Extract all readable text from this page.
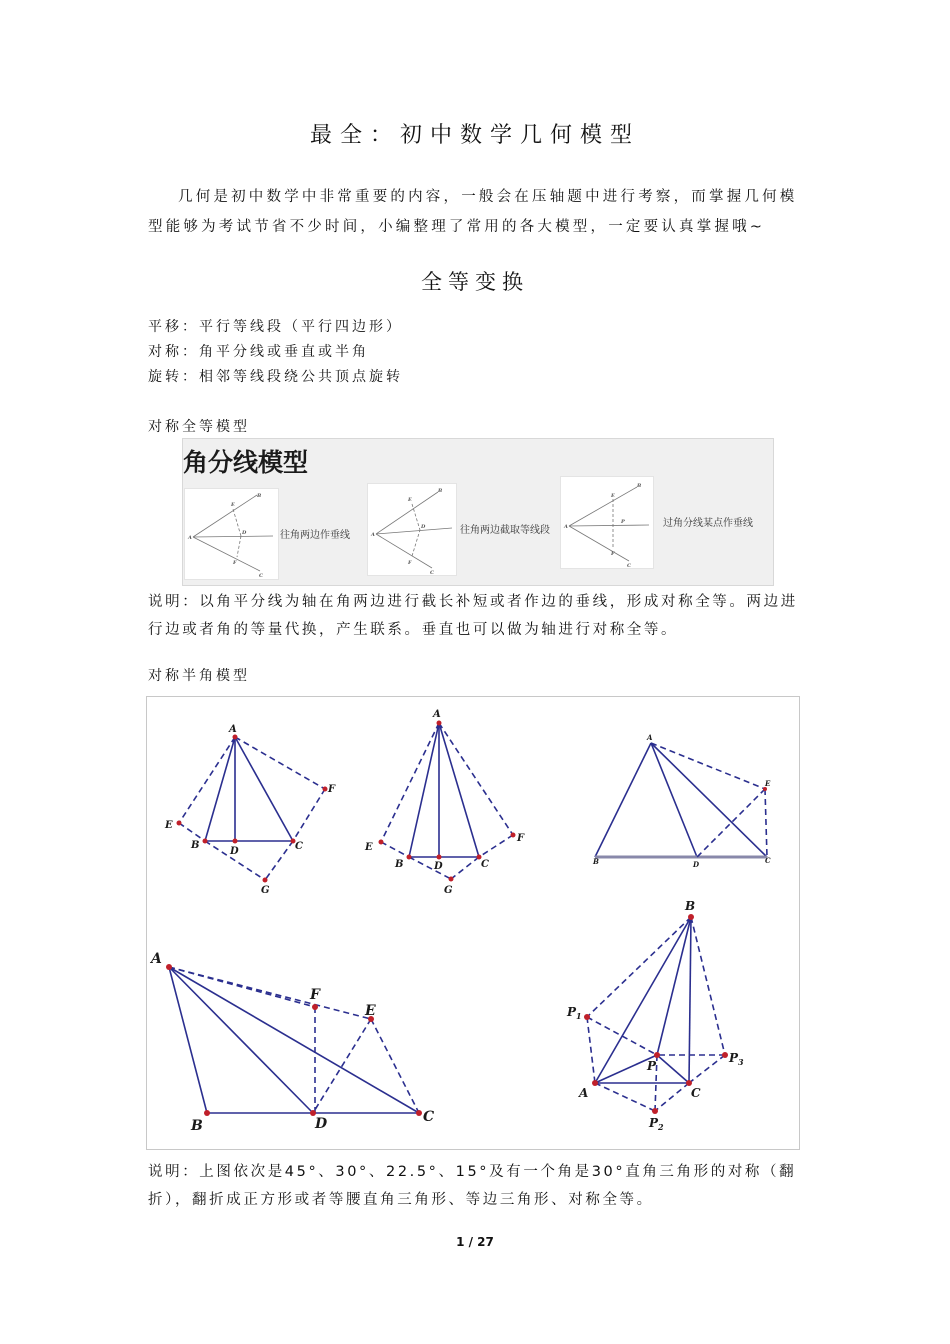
最全：初中数学几何模型
几何是初中数学中非常重要的内容，一般会在压轴题中进行考察，而掌握几何模型能够为考试节省不少时间，小编整理了常用的各大模型，一定要认真掌握哦~
全等变换
平移：平行等线段（平行四边形）
对称：角平分线或垂直或半角
旋转：相邻等线段绕公共顶点旋转
对称全等模型
角分线模型
A
B
C
E
D
F
往角两边作垂线	A
B
C
E
D
F
往角两边截取等线段	A
B
C
E
P
F
过角分线某点作垂线
说明：以角平分线为轴在角两边进行截长补短或者作边的垂线，形成对称全等。两边进行边或者角的等量代换，产生联系。垂直也可以做为轴进行对称全等。
对称半角模型
A
B
D	C
E
F
G
A
B	D	C
E
F
G
A
B	D	C
E
A
B	D	C
F
E
B
A	C
P
$P_1$
$P_3$
$P_2$
说明：上图依次是45°、30°、22.5°、15°及有一个角是30°直角三角形的对称（翻折），翻折成正方形或者等腰直角三角形、等边三角形、对称全等。
1 / 27
